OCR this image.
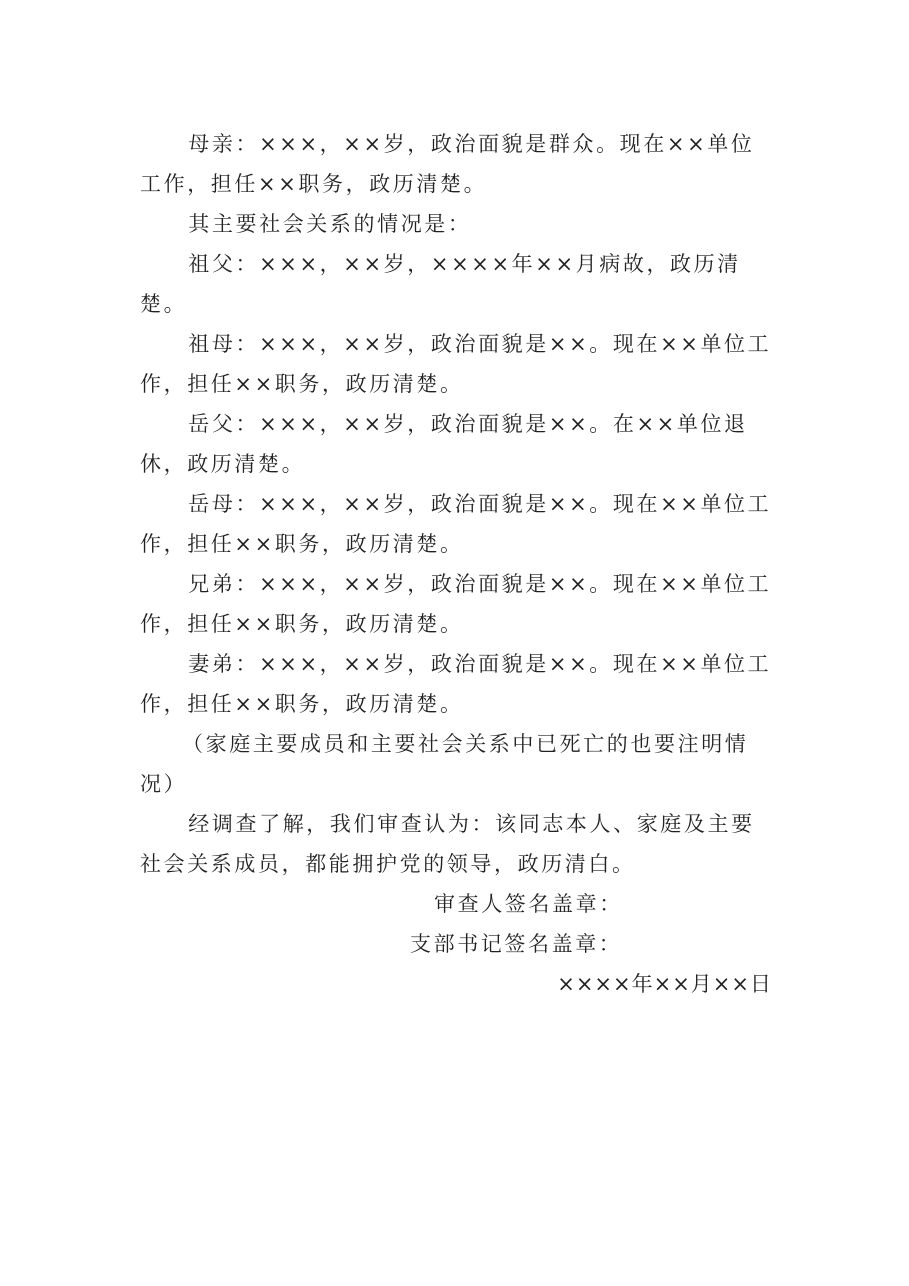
母亲：×××，××岁，政治面貌是群众。现在××单位工作，担任××职务，政历清楚。

其主要社会关系的情况是：

祖父：×××，××岁，××××年××月病故，政历清楚。

祖母：×××，××岁，政治面貌是××。现在××单位工作，担任××职务，政历清楚。

岳父：×××，××岁，政治面貌是××。在××单位退休，政历清楚。

岳母：×××，××岁，政治面貌是××。现在××单位工作，担任××职务，政历清楚。

兄弟：×××，××岁，政治面貌是××。现在××单位工作，担任××职务，政历清楚。

妻弟：×××，××岁，政治面貌是××。现在××单位工作，担任××职务，政历清楚。

（家庭主要成员和主要社会关系中已死亡的也要注明情况）

经调查了解，我们审查认为：该同志本人、家庭及主要社会关系成员，都能拥护党的领导，政历清白。

审查人签名盖章：

支部书记签名盖章：

××××年××月××日
